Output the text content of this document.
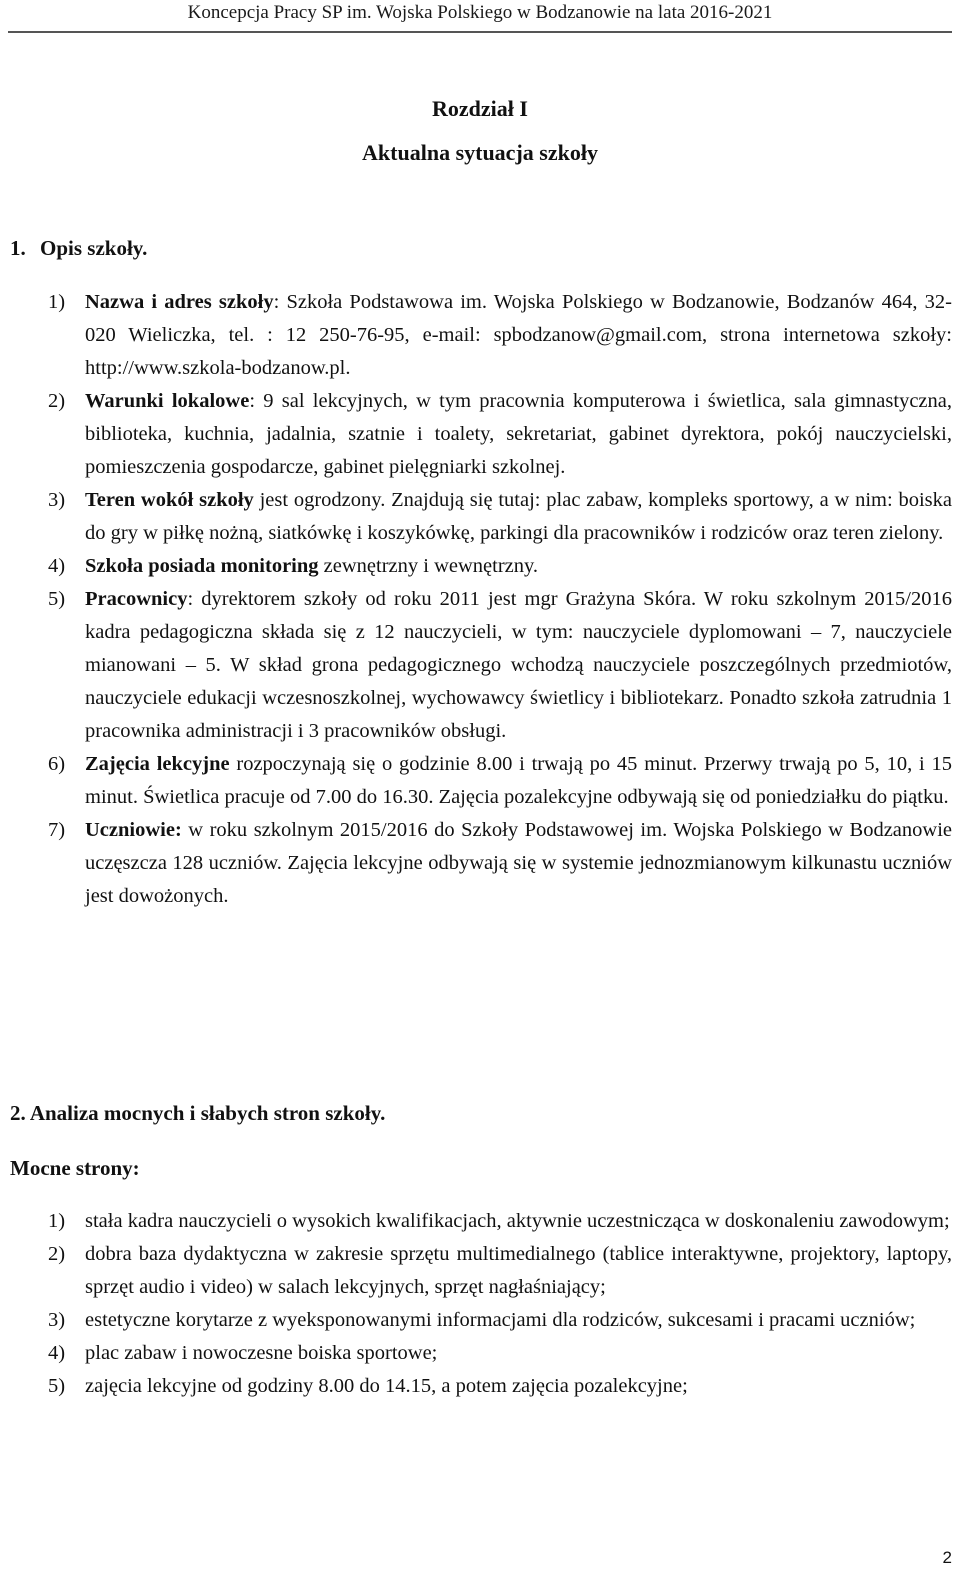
Koncepcja Pracy SP im. Wojska Polskiego w Bodzanowie na lata 2016-2021
Rozdział I
Aktualna sytuacja szkoły
1. Opis szkoły.
1) Nazwa i adres szkoły: Szkoła Podstawowa im. Wojska Polskiego w Bodzanowie, Bodzanów 464, 32-020 Wieliczka, tel. : 12 250-76-95, e-mail: spbodzanow@gmail.com, strona internetowa szkoły: http://www.szkola-bodzanow.pl.
2) Warunki lokalowe: 9 sal lekcyjnych, w tym pracownia komputerowa i świetlica, sala gimnastyczna, biblioteka, kuchnia, jadalnia, szatnie i toalety, sekretariat, gabinet dyrektora, pokój nauczycielski, pomieszczenia gospodarcze, gabinet pielęgniarki szkolnej.
3) Teren wokół szkoły jest ogrodzony. Znajdują się tutaj: plac zabaw, kompleks sportowy, a w nim: boiska do gry w piłkę nożną, siatkówkę i koszykówkę, parkingi dla pracowników i rodziców oraz teren zielony.
4) Szkoła posiada monitoring zewnętrzny i wewnętrzny.
5) Pracownicy: dyrektorem szkoły od roku 2011 jest mgr Grażyna Skóra. W roku szkolnym 2015/2016 kadra pedagogiczna składa się z 12 nauczycieli, w tym: nauczyciele dyplomowani – 7, nauczyciele mianowani – 5. W skład grona pedagogicznego wchodzą nauczyciele poszczególnych przedmiotów, nauczyciele edukacji wczesnoszkolnej, wychowawcy świetlicy i bibliotekarz. Ponadto szkoła zatrudnia 1 pracownika administracji i 3 pracowników obsługi.
6) Zajęcia lekcyjne rozpoczynają się o godzinie 8.00 i trwają po 45 minut. Przerwy trwają po 5, 10, i 15 minut. Świetlica pracuje od 7.00 do 16.30. Zajęcia pozalekcyjne odbywają się od poniedziałku do piątku.
7) Uczniowie: w roku szkolnym 2015/2016 do Szkoły Podstawowej im. Wojska Polskiego w Bodzanowie uczęszcza 128 uczniów. Zajęcia lekcyjne odbywają się w systemie jednozmianowym kilkunastu uczniów jest dowożonych.
2. Analiza mocnych i słabych stron szkoły.
Mocne strony:
1) stała kadra nauczycieli o wysokich kwalifikacjach, aktywnie uczestnicząca w doskonaleniu zawodowym;
2) dobra baza dydaktyczna w zakresie sprzętu multimedialnego (tablice interaktywne, projektory, laptopy, sprzęt audio i video) w salach lekcyjnych, sprzęt nagłaśniający;
3) estetyczne korytarze z wyeksponowanymi informacjami dla rodziców, sukcesami i pracami uczniów;
4) plac zabaw i nowoczesne boiska sportowe;
5) zajęcia lekcyjne od godziny 8.00 do 14.15, a potem zajęcia pozalekcyjne;
2
